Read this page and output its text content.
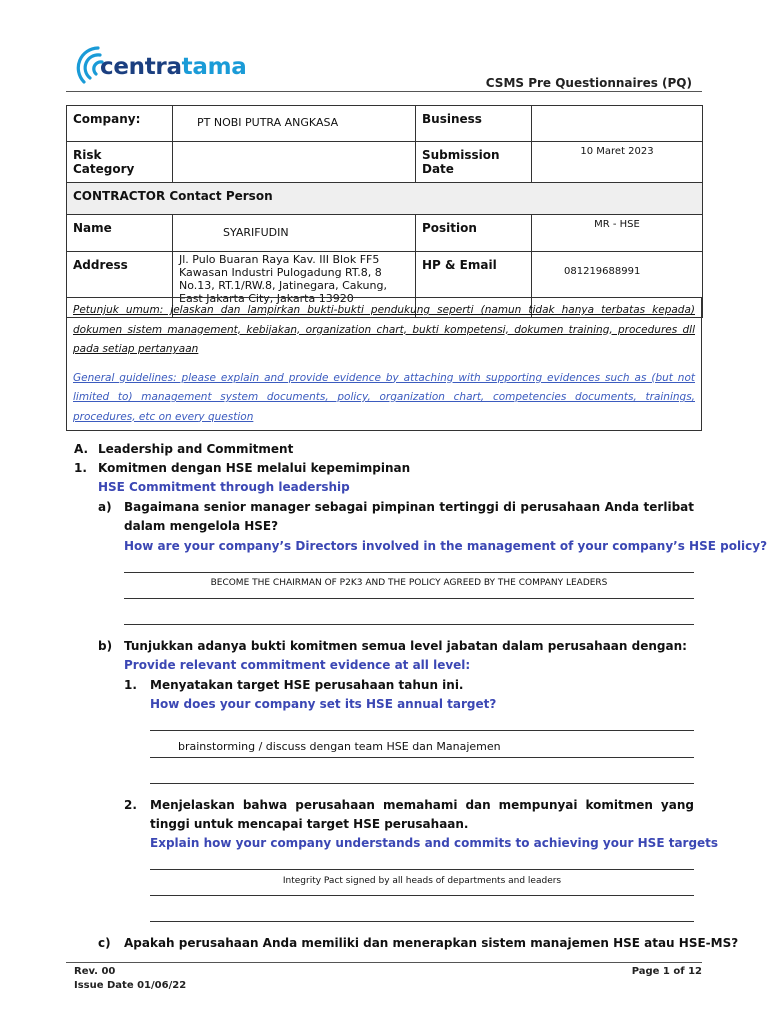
centratama
CSMS Pre Questionnaires (PQ)
Company:	PT NOBI PUTRA ANGKASA	Business	
Risk Category		Submission Date	10 Maret 2023
CONTRACTOR Contact Person			
Name	SYARIFUDIN	Position	MR - HSE
Address	Jl. Pulo Buaran Raya Kav. III Blok FF5 Kawasan Industri Pulogadung RT.8, 8 No.13, RT.1/RW.8, Jatinegara, Cakung, East Jakarta City, Jakarta 13920	HP & Email	081219688991

Petunjuk umum: jelaskan dan lampirkan bukti-bukti pendukung seperti (namun tidak hanya terbatas kepada) dokumen sistem management, kebijakan, organization chart, bukti kompetensi, dokumen training, procedures dll pada setiap pertanyaan

General guidelines: please explain and provide evidence by attaching with supporting evidences such as (but not limited to) management system documents, policy, organization chart, competencies documents, trainings, procedures, etc on every question

A. Leadership and Commitment
1. Komitmen dengan HSE melalui kepemimpinan
HSE Commitment through leadership
a) Bagaimana senior manager sebagai pimpinan tertinggi di perusahaan Anda terlibat dalam mengelola HSE?
How are your company’s Directors involved in the management of your company’s HSE policy?
BECOME THE CHAIRMAN OF P2K3 AND THE POLICY AGREED BY THE COMPANY LEADERS
b) Tunjukkan adanya bukti komitmen semua level jabatan dalam perusahaan dengan:
Provide relevant commitment evidence at all level:
1. Menyatakan target HSE perusahaan tahun ini.
How does your company set its HSE annual target?
brainstorming / discuss dengan team HSE dan Manajemen
2. Menjelaskan bahwa perusahaan memahami dan mempunyai komitmen yang tinggi untuk mencapai target HSE perusahaan.
Explain how your company understands and commits to achieving your HSE targets
Integrity Pact signed by all heads of departments and leaders
c) Apakah perusahaan Anda memiliki dan menerapkan sistem manajemen HSE atau HSE-MS?
Rev. 00
Issue Date 01/06/22
Page 1 of 12
